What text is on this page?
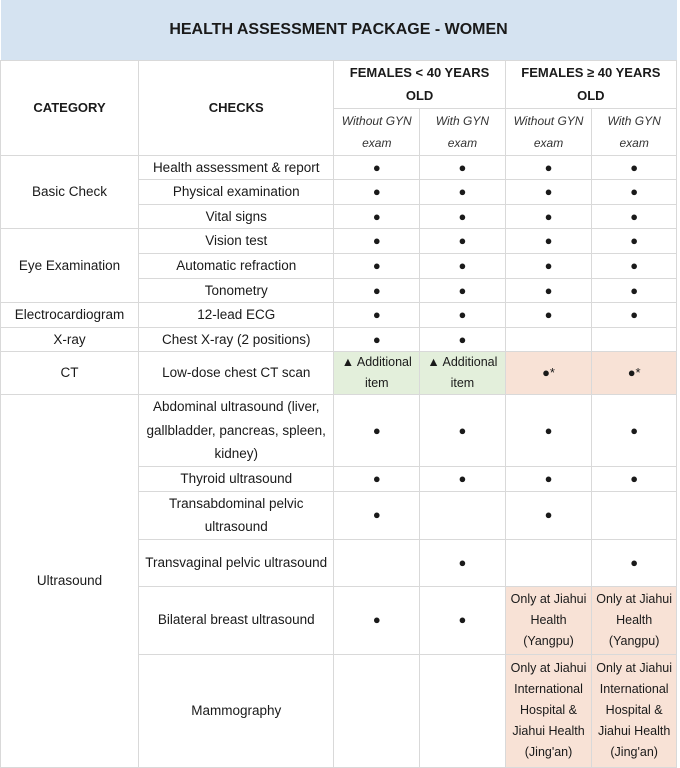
HEALTH ASSESSMENT PACKAGE - WOMEN					
CATEGORY	CHECKS	FEMALES < 40 YEARS OLD		FEMALES ≥ 40 YEARS OLD	
		Without GYN exam	With GYN exam	Without GYN exam	With GYN exam
Basic Check	Health assessment & report	●	●	●	●
	Physical examination	●	●	●	●
	Vital signs	●	●	●	●
Eye Examination	Vision test	●	●	●	●
	Automatic refraction	●	●	●	●
	Tonometry	●	●	●	●
Electrocardiogram	12-lead ECG	●	●	●	●
X-ray	Chest X-ray (2 positions)	●	●		
CT	Low-dose chest CT scan	▲ Additional item	▲ Additional item	●*	●*
Ultrasound	Abdominal ultrasound (liver, gallbladder, pancreas, spleen, kidney)	●	●	●	●
	Thyroid ultrasound	●	●	●	●
	Transabdominal pelvic ultrasound	●		●	
	Transvaginal pelvic ultrasound		●		●
	Bilateral breast ultrasound	●	●	Only at Jiahui Health (Yangpu)	Only at Jiahui Health (Yangpu)
	Mammography			Only at Jiahui International Hospital & Jiahui Health (Jing'an)	Only at Jiahui International Hospital & Jiahui Health (Jing'an)
